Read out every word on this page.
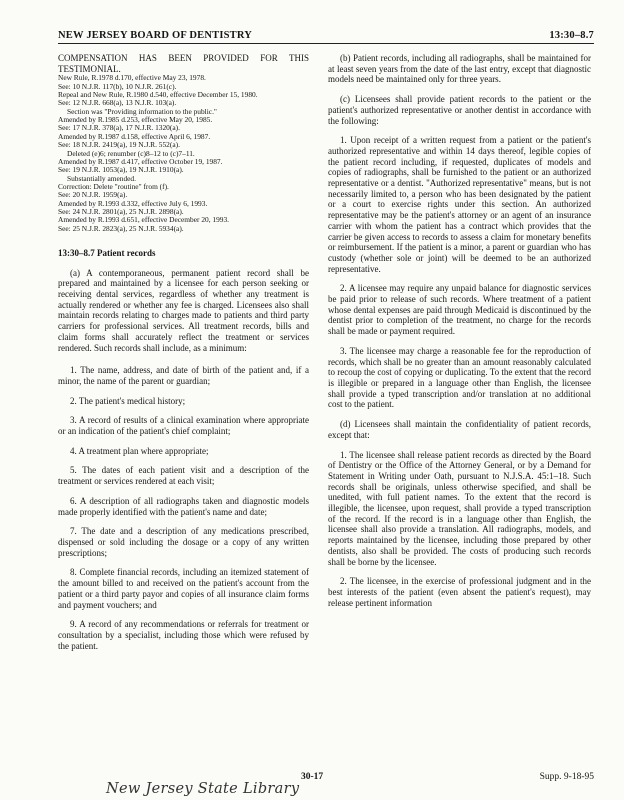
NEW JERSEY BOARD OF DENTISTRY	13:30–8.7

COMPENSATION HAS BEEN PROVIDED FOR THIS TESTIMONIAL.

New Rule, R.1978 d.170, effective May 23, 1978.
See: 10 N.J.R. 117(b), 10 N.J.R. 261(c).
Repeal and New Rule, R.1980 d.540, effective December 15, 1980.
See: 12 N.J.R. 668(a), 13 N.J.R. 103(a).
Section was "Providing information to the public."
Amended by R.1985 d.253, effective May 20, 1985.
See: 17 N.J.R. 378(a), 17 N.J.R. 1320(a).
Amended by R.1987 d.158, effective April 6, 1987.
See: 18 N.J.R. 2419(a), 19 N.J.R. 552(a).
Deleted (e)6; renumber (c)8–12 to (c)7–11.
Amended by R.1987 d.417, effective October 19, 1987.
See: 19 N.J.R. 1053(a), 19 N.J.R. 1910(a).
Substantially amended.
Correction: Delete "routine" from (f).
See: 20 N.J.R. 1959(a).
Amended by R.1993 d.332, effective July 6, 1993.
See: 24 N.J.R. 2801(a), 25 N.J.R. 2898(a).
Amended by R.1993 d.651, effective December 20, 1993.
See: 25 N.J.R. 2823(a), 25 N.J.R. 5934(a).

13:30–8.7 Patient records

(a) A contemporaneous, permanent patient record shall be prepared and maintained by a licensee for each person seeking or receiving dental services, regardless of whether any treatment is actually rendered or whether any fee is charged. Licensees also shall maintain records relating to charges made to patients and third party carriers for professional services. All treatment records, bills and claim forms shall accurately reflect the treatment or services rendered. Such records shall include, as a minimum:

1. The name, address, and date of birth of the patient and, if a minor, the name of the parent or guardian;

2. The patient's medical history;

3. A record of results of a clinical examination where appropriate or an indication of the patient's chief complaint;

4. A treatment plan where appropriate;

5. The dates of each patient visit and a description of the treatment or services rendered at each visit;

6. A description of all radiographs taken and diagnostic models made properly identified with the patient's name and date;

7. The date and a description of any medications prescribed, dispensed or sold including the dosage or a copy of any written prescriptions;

8. Complete financial records, including an itemized statement of the amount billed to and received on the patient's account from the patient or a third party payor and copies of all insurance claim forms and payment vouchers; and

9. A record of any recommendations or referrals for treatment or consultation by a specialist, including those which were refused by the patient.

(b) Patient records, including all radiographs, shall be maintained for at least seven years from the date of the last entry, except that diagnostic models need be maintained only for three years.

(c) Licensees shall provide patient records to the patient or the patient's authorized representative or another dentist in accordance with the following:

1. Upon receipt of a written request from a patient or the patient's authorized representative and within 14 days thereof, legible copies of the patient record including, if requested, duplicates of models and copies of radiographs, shall be furnished to the patient or an authorized representative or a dentist. "Authorized representative" means, but is not necessarily limited to, a person who has been designated by the patient or a court to exercise rights under this section. An authorized representative may be the patient's attorney or an agent of an insurance carrier with whom the patient has a contract which provides that the carrier be given access to records to assess a claim for monetary benefits or reimbursement. If the patient is a minor, a parent or guardian who has custody (whether sole or joint) will be deemed to be an authorized representative.

2. A licensee may require any unpaid balance for diagnostic services be paid prior to release of such records. Where treatment of a patient whose dental expenses are paid through Medicaid is discontinued by the dentist prior to completion of the treatment, no charge for the records shall be made or payment required.

3. The licensee may charge a reasonable fee for the reproduction of records, which shall be no greater than an amount reasonably calculated to recoup the cost of copying or duplicating. To the extent that the record is illegible or prepared in a language other than English, the licensee shall provide a typed transcription and/or translation at no additional cost to the patient.

(d) Licensees shall maintain the confidentiality of patient records, except that:

1. The licensee shall release patient records as directed by the Board of Dentistry or the Office of the Attorney General, or by a Demand for Statement in Writing under Oath, pursuant to N.J.S.A. 45:1–18. Such records shall be originals, unless otherwise specified, and shall be unedited, with full patient names. To the extent that the record is illegible, the licensee, upon request, shall provide a typed transcription of the record. If the record is in a language other than English, the licensee shall also provide a translation. All radiographs, models, and reports maintained by the licensee, including those prepared by other dentists, also shall be provided. The costs of producing such records shall be borne by the licensee.

2. The licensee, in the exercise of professional judgment and in the best interests of the patient (even absent the patient's request), may release pertinent information

30-17	Supp. 9-18-95
New Jersey State Library
